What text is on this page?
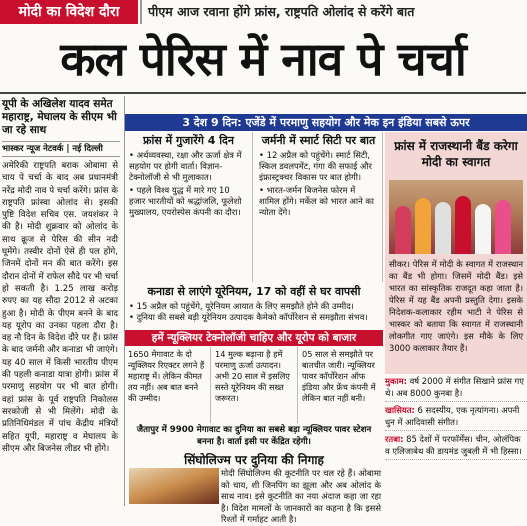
मोदी का विदेश दौरा	पीएम आज रवाना होंगे फ्रांस, राष्ट्रपति ओलांद से करेंगे बात
कल पेरिस में नाव पे चर्चा
यूपी के अखिलेश यादव समेत महाराष्ट्र, मेघालय के सीएम भी जा रहे साथ
भास्कर न्यूज नेटवर्क | नई दिल्ली
अमेरिकी राष्ट्रपति बराक ओबामा से चाय पे चर्चा के बाद अब प्रधानमंत्री नरेंद्र मोदी नाव पे चर्चा करेंगे। फ्रांस के राष्ट्रपति फ्रांस्वा ओलांद से। इसकी पुष्टि विदेश सचिव एस. जयशंकर ने की है। मोदी शुक्रवार को ओलांद के साथ क्रूज से पेरिस की सीन नदी घूमेंगे। तस्वीर दोनों ऐसे ही पल होंगे, जिनमें दोनों मन की बात करेंगे। इस दौरान दोनों में राफेल सौदे पर भी चर्चा हो सकती है। 1.25 लाख करोड़ रुपए का यह सौदा 2012 से अटका हुआ है। मोदी के पीएम बनने के बाद यह यूरोप का उनका पहला दौरा है। वह नौ दिन के विदेश दौरे पर हैं। फ्रांस के बाद जर्मनी और कनाडा भी जाएंगे। यह 40 साल में किसी भारतीय पीएम की पहली कनाडा यात्रा होगी। फ्रांस में परमाणु सहयोग पर भी बात होगी। वहां फ्रांस के पूर्व राष्ट्रपति निकोलस सरकोजी से भी मिलेंगे। मोदी के प्रतिनिधिमंडल में पांच केंद्रीय मंत्रियों सहित यूपी, महाराष्ट्र व मेघालय के सीएम और बिजनेस लीडर भी होंगे।
3 देश 9 दिन: एजेंडे में परमाणु सहयोग और मेक इन इंडिया सबसे ऊपर
फ्रांस में गुजारेंगे 4 दिन
• अर्थव्यवस्था, रक्षा और ऊर्जा क्षेत्र में सहयोग पर होगी वार्ता। विज्ञान-टेक्नोलॉजी से भी मुलाकात।
• पहले विश्व युद्ध में मारे गए 10 हजार भारतीयों को श्रद्धांजलि, फूलेशो मुख्यालय, एयरोस्पेस कंपनी का दौरा।
जर्मनी में स्मार्ट सिटी पर बात
• 12 अप्रैल को पहुंचेंगे। स्मार्ट सिटी, स्किल डवलपमेंट, गंगा की सफाई और इंफ्रास्ट्रक्चर विकास पर बात होगी।
• भारत-जर्मन बिजनेस फोरम में शामिल होंगे। मर्केल को भारत आने का न्योता देंगे।
कनाडा से लाएंगे यूरेनियम, 17 को वहीं से घर वापसी
• 15 अप्रैल को पहुंचेंगे, यूरेनियम आयात के लिए समझौते होने की उम्मीद।
• दुनिया की सबसे बड़ी यूरेनियम उत्पादक कैमेको कॉर्पोरेशन से समझौता संभव।
फ्रांस में राजस्थानी बैंड करेगा मोदी का स्वागत
सीकर। पेरिस में मोदी के स्वागत में राजस्थान का बैंड भी होगा। जिसमें मोदी बैंड। इसे भारत का सांस्कृतिक राजदूत कहा जाता है। पेरिस में यह बैंड अपनी प्रस्तुति देगा। इसके निदेशक-कलाकार रहीम भाटी ने पेरिस से भास्कर को बताया कि स्वागत में राजस्थानी लोकगीत गाए जाएंगे। इस मौके के लिए 3000 कलाकार तैयार हैं।
हमें न्यूक्लियर टेक्नोलॉजी चाहिए और यूरोप को बाजार
1650 मेगावाट के दो न्यूक्लियर रिएक्टर लगने हैं महाराष्ट्र में। लेकिन कीमत तय नहीं। अब बात बनने की उम्मीद।
14 मुल्क बढ़ाना है हमें परमाणु ऊर्जा उत्पादन। अभी 20 साल में इसलिए सस्ते यूरेनियम की सख्त जरूरत।
05 साल से समझौते पर बातचीत जारी। न्यूक्लियर पावर कॉर्पोरेशन ऑफ इंडिया और फ्रेंच कंपनी में लेकिन बात नहीं बनी।
जैतापुर में 9900 मेगावाट का दुनिया का सबसे बड़ा न्यूक्लियर पावर स्टेशन बनना है। वार्ता इसी पर केंद्रित रहेगी।
मुकाम: वर्ष 2000 में संगीत सिखाने फ्रांस गए थे। अब 8000 कुनबा है।
खासियत: 6 सदस्यीय, एक नृत्यांगना। अपनी धुन में आदिवासी संगीत।
रतबा: 85 देशों में परफॉर्मेंस। चीन, ओलंपिक व एलिजाबेथ की डायमंड जुबली में भी हिस्सा।
सिंघोलिज्म पर दुनिया की निगाह
मोदी सिंघोलिज्म की कूटनीति पर चल रहे हैं। ओबामा को चाय, शी जिनपिंग का झूला और अब ओलांद के साथ नाव। इसे कूटनीति का नया अंदाज कहा जा रहा है। विदेश मामलों के जानकारों का कहना है कि इससे रिश्तों में गर्माहट आती है।
